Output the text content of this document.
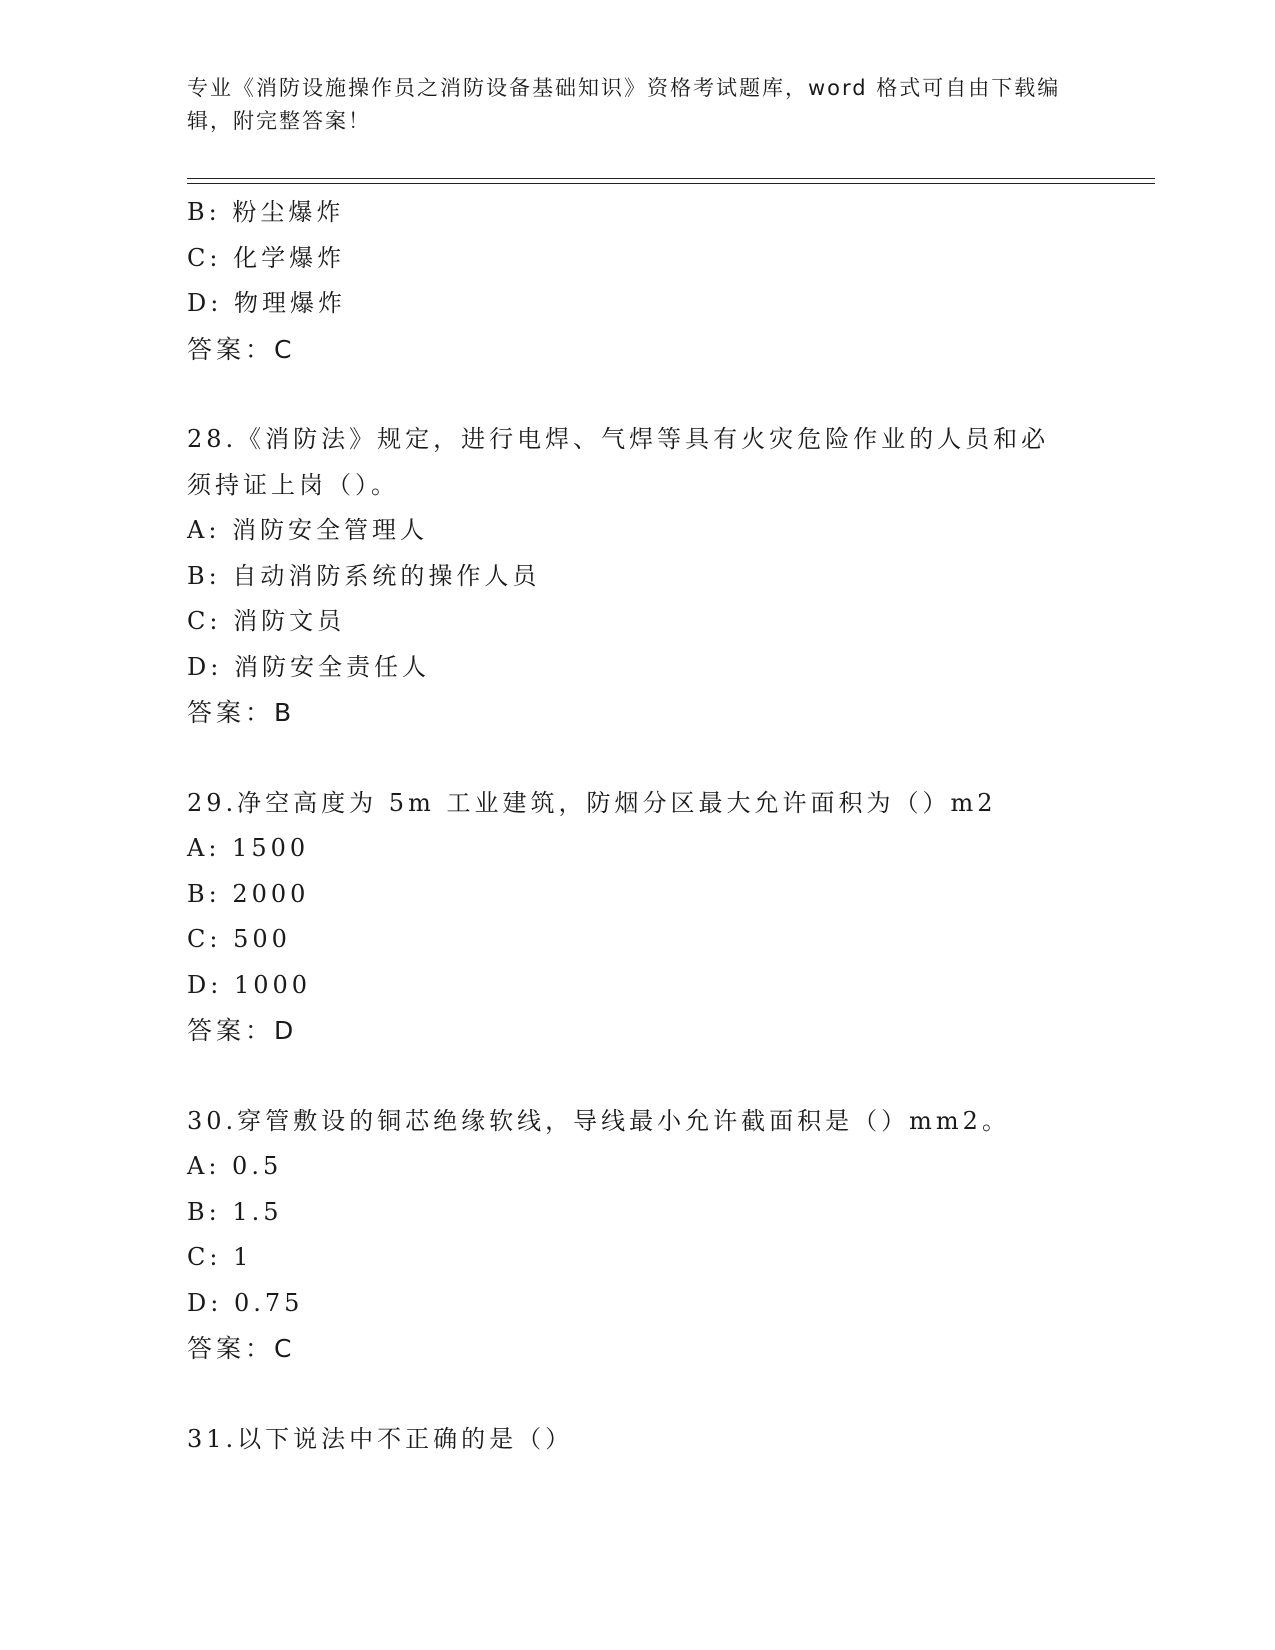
专业《消防设施操作员之消防设备基础知识》资格考试题库，word 格式可自由下载编辑，附完整答案！
B: 粉尘爆炸
C: 化学爆炸
D: 物理爆炸
答案：C
28.《消防法》规定，进行电焊、气焊等具有火灾危险作业的人员和必
须持证上岗（）。
A: 消防安全管理人
B: 自动消防系统的操作人员
C: 消防文员
D: 消防安全责任人
答案：B
29.净空高度为 5m 工业建筑，防烟分区最大允许面积为（）m2
A: 1500
B: 2000
C: 500
D: 1000
答案：D
30.穿管敷设的铜芯绝缘软线，导线最小允许截面积是（）mm2。
A: 0.5
B: 1.5
C: 1
D: 0.75
答案：C
31.以下说法中不正确的是（）
